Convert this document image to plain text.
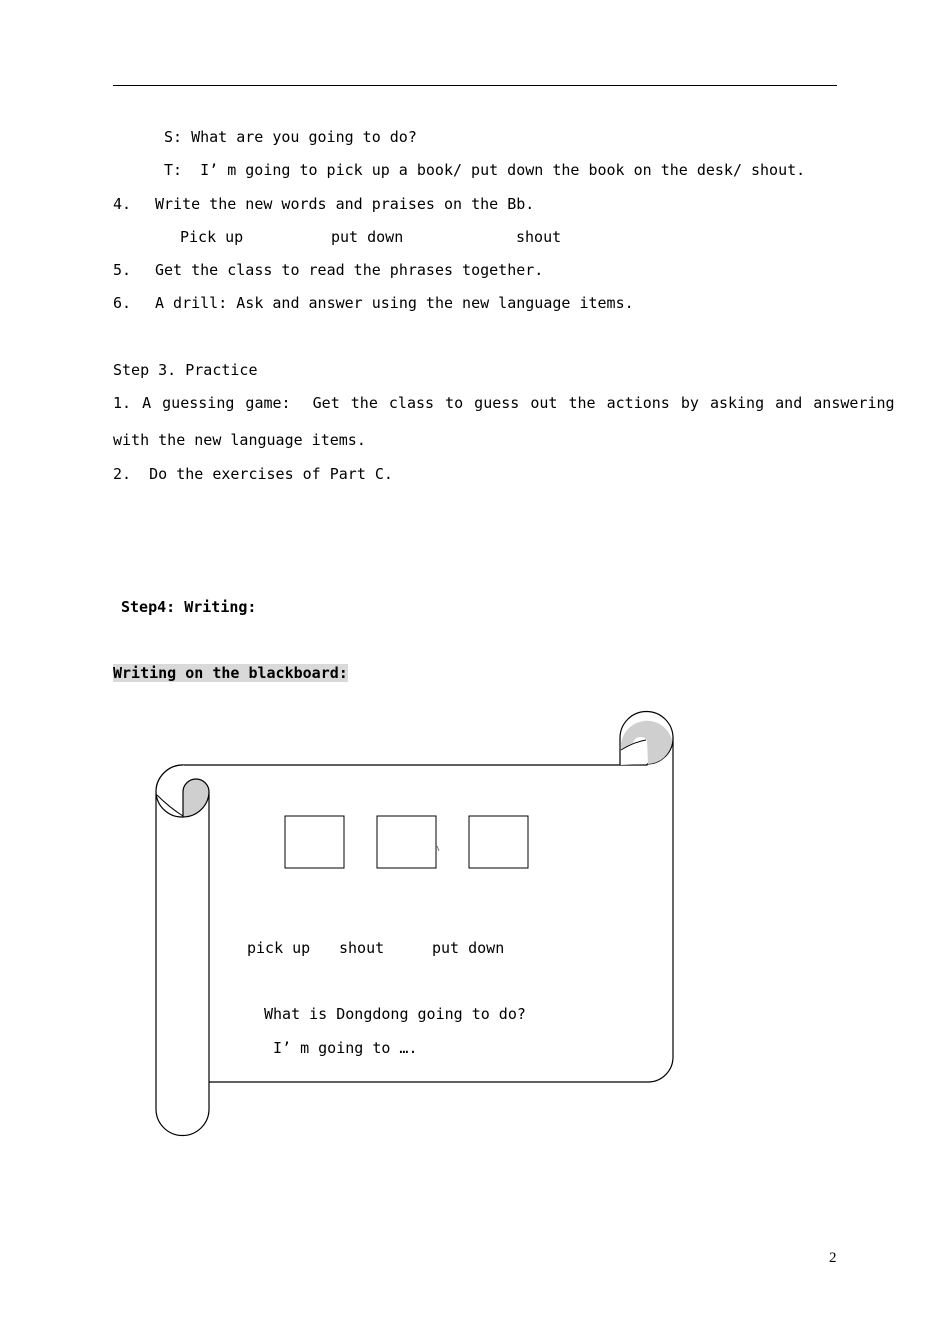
S: What are you going to do?
T:  I’ m going to pick up a book/ put down the book on the desk/ shout.
4. Write the new words and praises on the Bb.
Pick up	put down	shout
5. Get the class to read the phrases together.
6. A drill: Ask and answer using the new language items.
Step 3. Practice
1. A guessing game:  Get the class to guess out the actions by asking and answering
with the new language items.
2.  Do the exercises of Part C.
Step4: Writing:
Writing on the blackboard:
pick up shout	put down
What is Dongdong going to do?
I’ m going to ….
2
